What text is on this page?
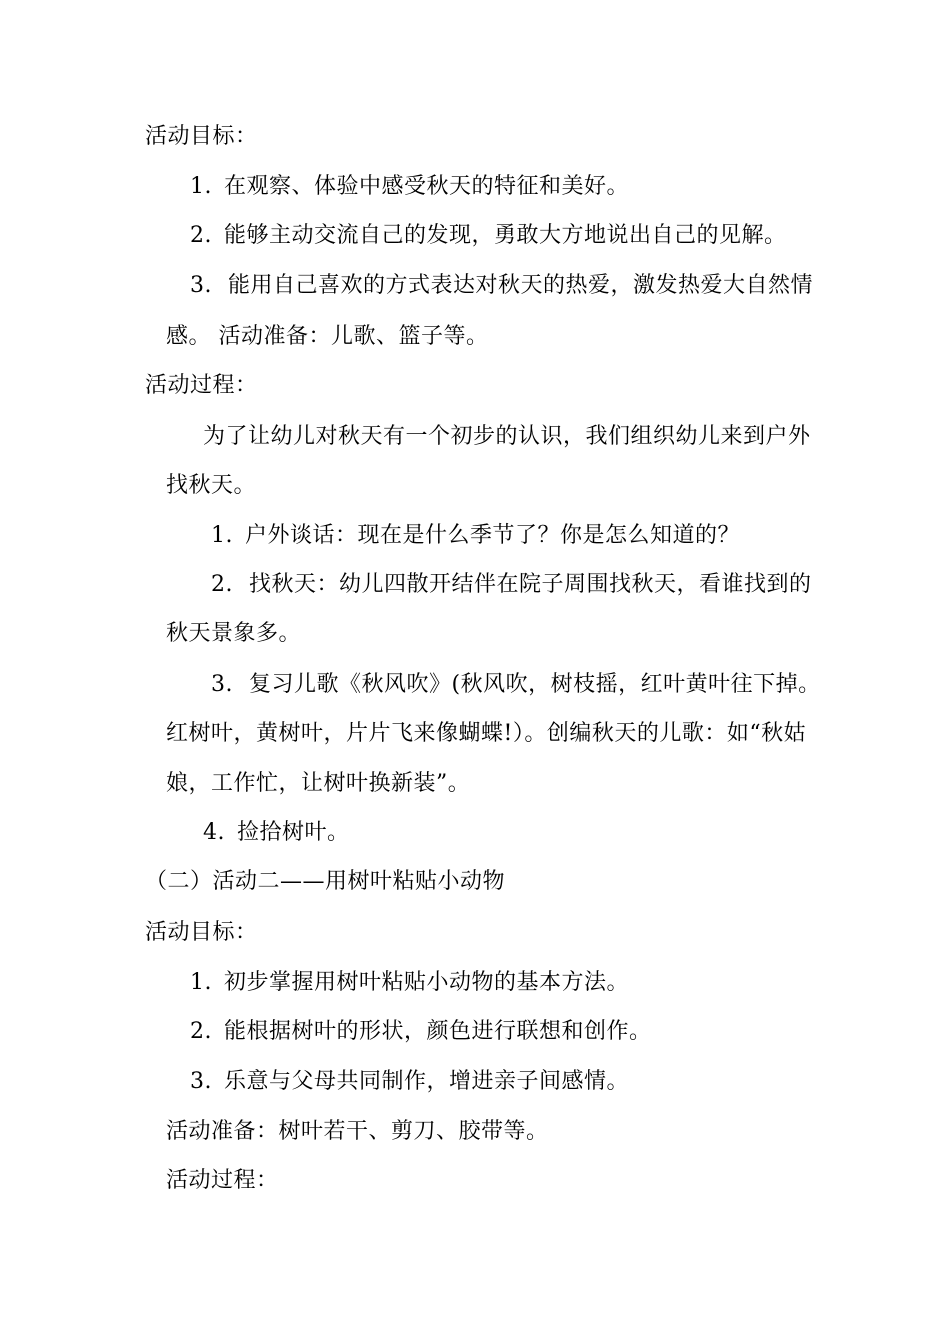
活动目标：
1. 在观察、体验中感受秋天的特征和美好。
2. 能够主动交流自己的发现，勇敢大方地说出自己的见解。
3. 能用自己喜欢的方式表达对秋天的热爱，激发热爱大自然情
感。 活动准备：儿歌、篮子等。
活动过程：
为了让幼儿对秋天有一个初步的认识，我们组织幼儿来到户外
找秋天。
1. 户外谈话：现在是什么季节了？你是怎么知道的？
2. 找秋天：幼儿四散开结伴在院子周围找秋天，看谁找到的
秋天景象多。
3. 复习儿歌《秋风吹》(秋风吹，树枝摇，红叶黄叶往下掉。
红树叶，黄树叶，片片飞来像蝴蝶!）。创编秋天的儿歌：如“秋姑
娘，工作忙，让树叶换新装”。
4. 捡拾树叶。
（二）活动二——用树叶粘贴小动物
活动目标：
1. 初步掌握用树叶粘贴小动物的基本方法。
2. 能根据树叶的形状，颜色进行联想和创作。
3. 乐意与父母共同制作，增进亲子间感情。
活动准备：树叶若干、剪刀、胶带等。
活动过程：
